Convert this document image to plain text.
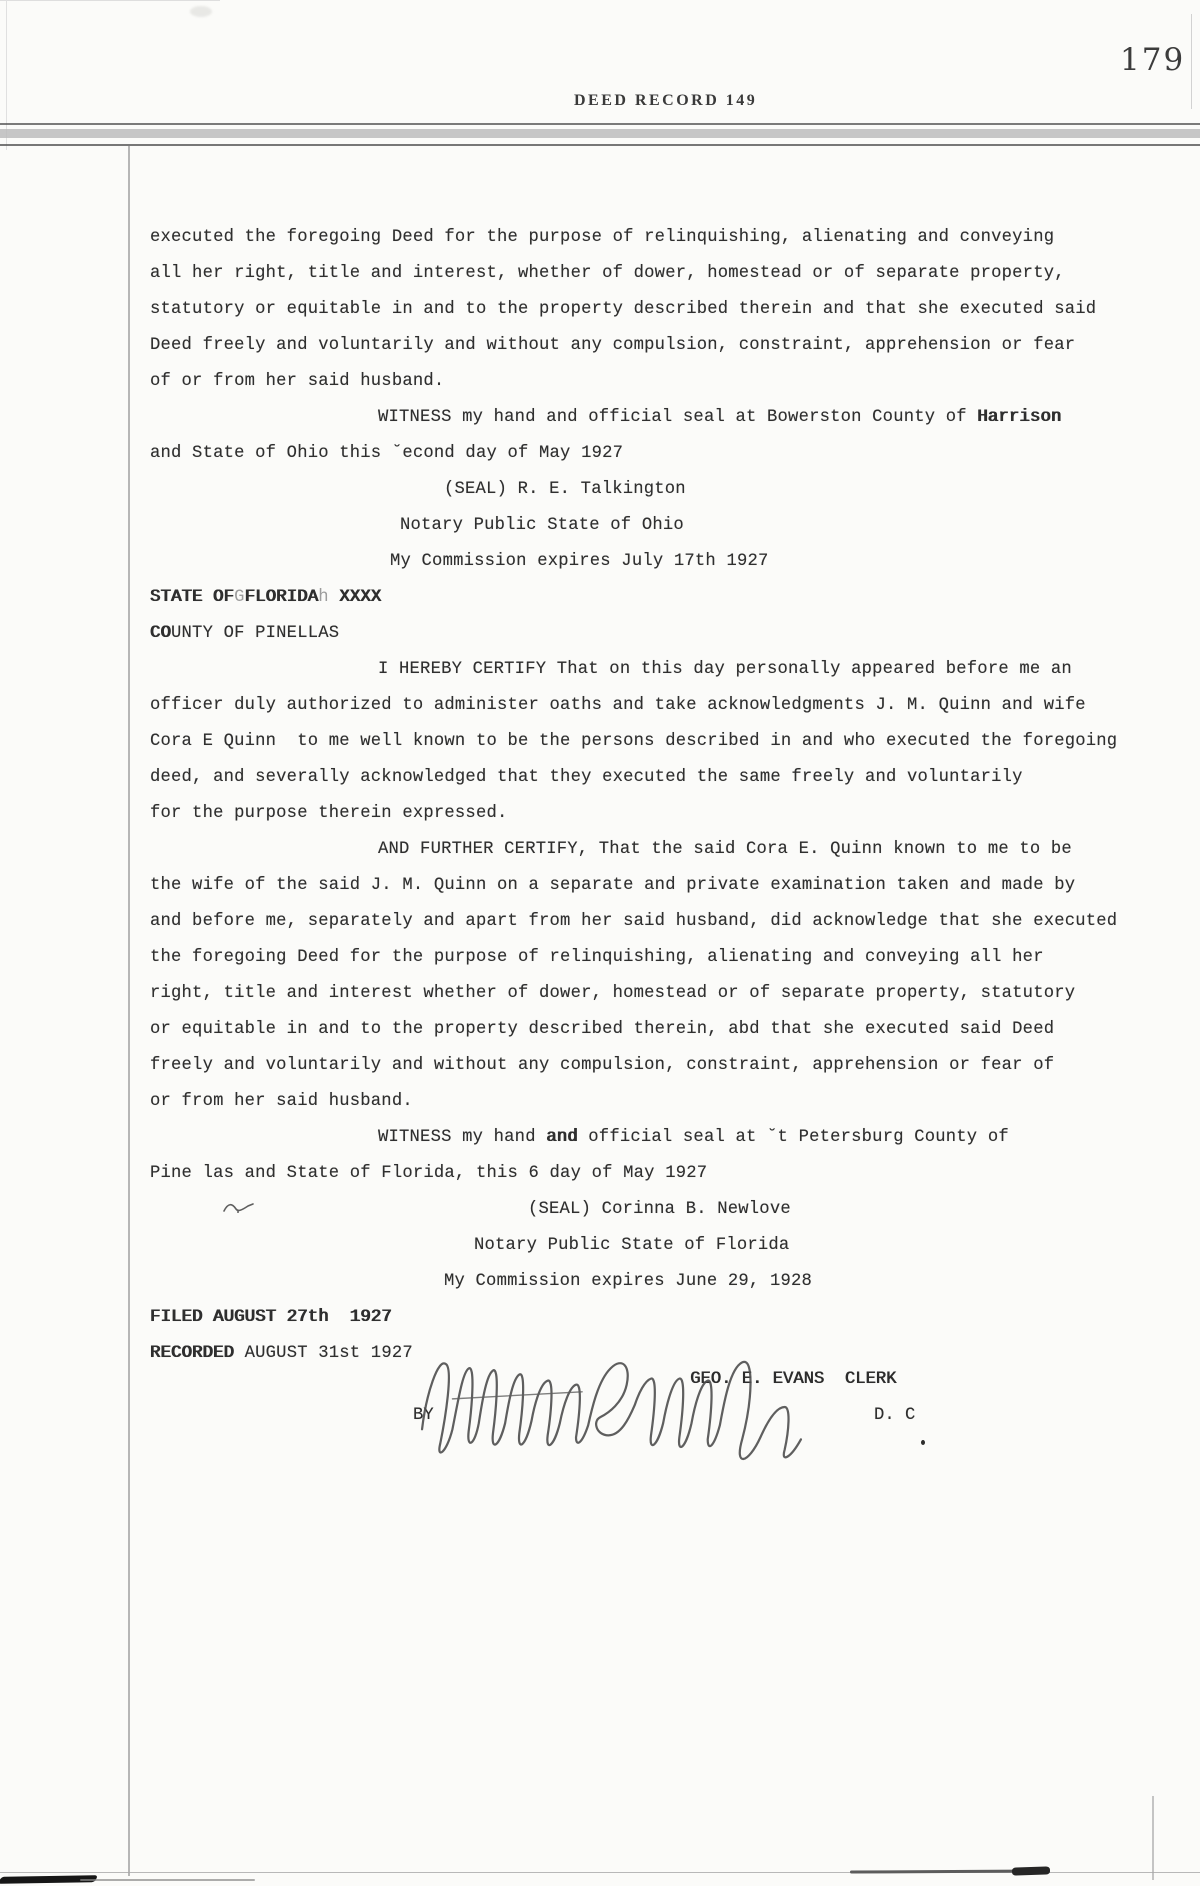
179
DEED RECORD 149
executed the foregoing Deed for the purpose of relinquishing, alienating and conveying
all her right, title and interest, whether of dower, homestead or of separate property,
statutory or equitable in and to the property described therein and that she executed said
Deed freely and voluntarily and without any compulsion, constraint, apprehension or fear
of or from her said husband.
WITNESS my hand and official seal at Bowerston County of Harrison
and State of Ohio this ˘econd day of May 1927
(SEAL) R. E. Talkington
Notary Public State of Ohio
My Commission expires July 17th 1927
STATE OFGFLORIDAh XXXX
COUNTY OF PINELLAS
I HEREBY CERTIFY That on this day personally appeared before me an
officer duly authorized to administer oaths and take acknowledgments J. M. Quinn and wife
Cora E Quinn  to me well known to be the persons described in and who executed the foregoing
deed, and severally acknowledged that they executed the same freely and voluntarily
for the purpose therein expressed.
AND FURTHER CERTIFY, That the said Cora E. Quinn known to me to be
the wife of the said J. M. Quinn on a separate and private examination taken and made by
and before me, separately and apart from her said husband, did acknowledge that she executed
the foregoing Deed for the purpose of relinquishing, alienating and conveying all her
right, title and interest whether of dower, homestead or of separate property, statutory
or equitable in and to the property described therein, abd that she executed said Deed
freely and voluntarily and without any compulsion, constraint, apprehension or fear of
or from her said husband.
WITNESS my hand and official seal at ˘t Petersburg County of
Pine las and State of Florida, this 6 day of May 1927
(SEAL) Corinna B. Newlove
Notary Public State of Florida
My Commission expires June 29, 1928
FILED AUGUST 27th  1927
RECORDED AUGUST 31st 1927
GEO. E. EVANS  CLERK
BY	D. C
